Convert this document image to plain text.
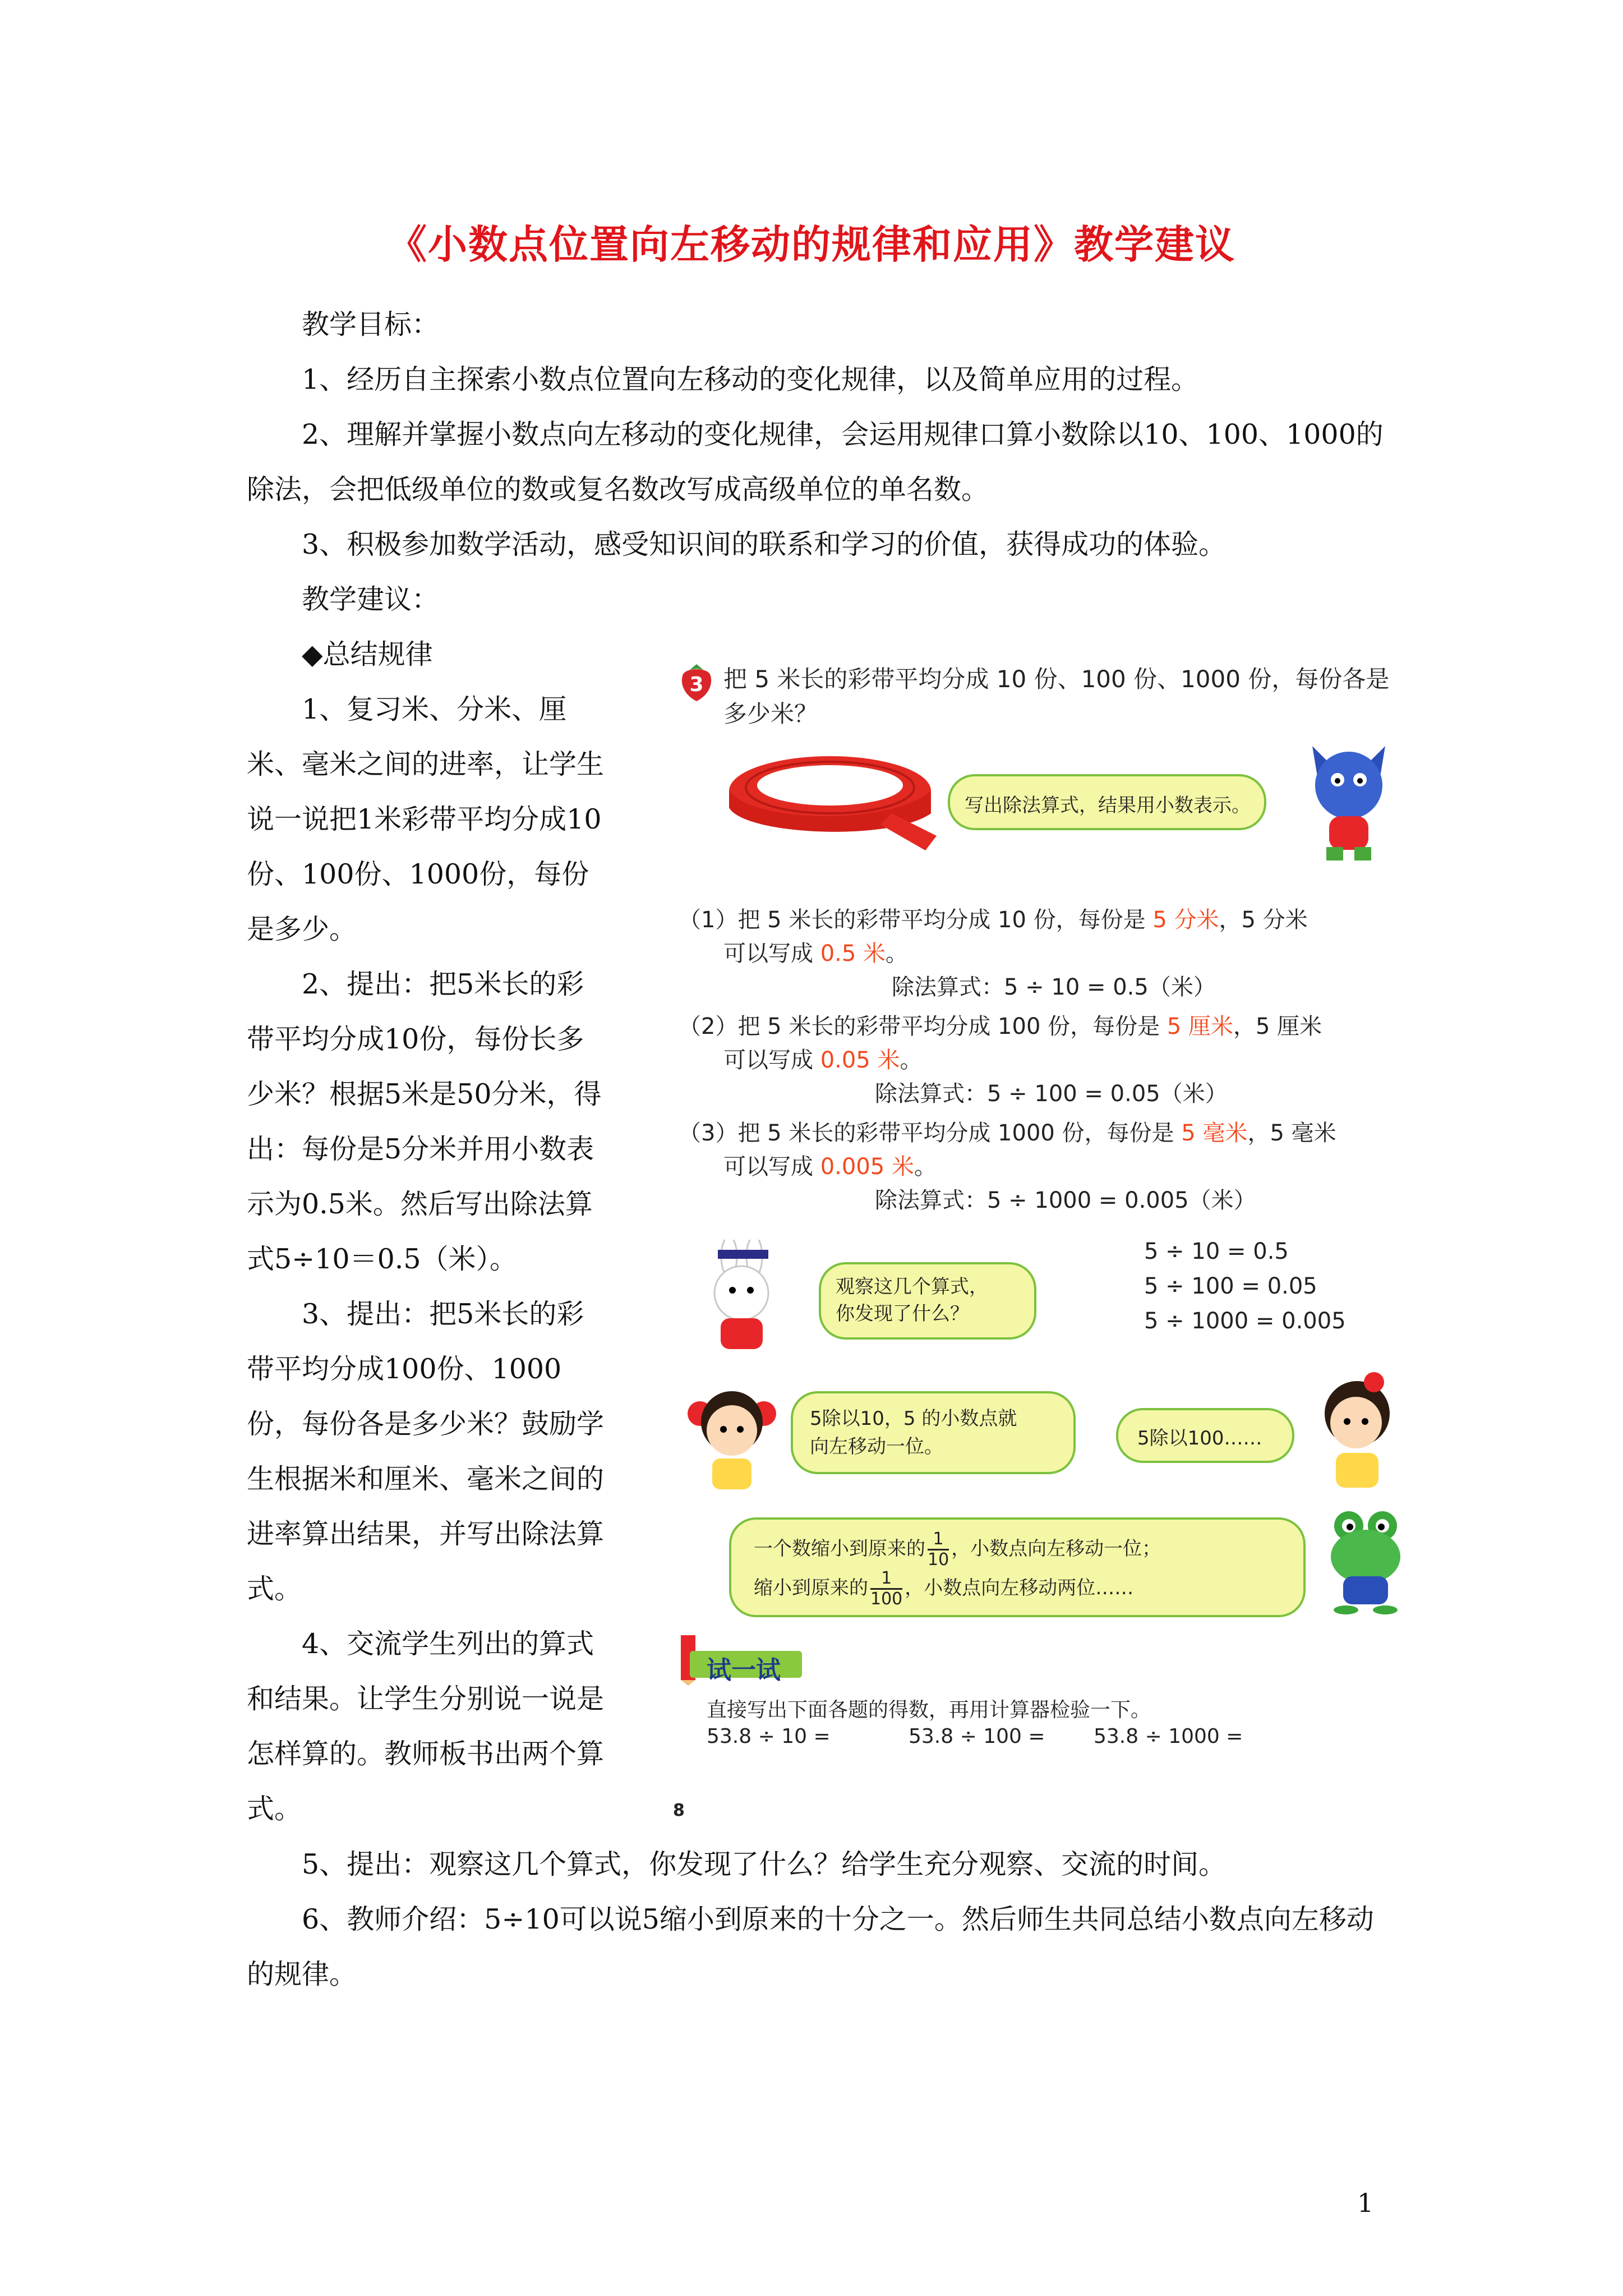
《小数点位置向左移动的规律和应用》教学建议
教学目标：
1、经历自主探索小数点位置向左移动的变化规律，以及简单应用的过程。
2、理解并掌握小数点向左移动的变化规律，会运用规律口算小数除以10、100、1000的除法，会把低级单位的数或复名数改写成高级单位的单名数。
3、积极参加数学活动，感受知识间的联系和学习的价值，获得成功的体验。
教学建议：
◆总结规律
1、复习米、分米、厘米、毫米之间的进率，让学生说一说把1米彩带平均分成10份、100份、1000份，每份是多少。
2、提出：把5米长的彩带平均分成10份，每份长多少米？根据5米是50分米，得出：每份是5分米并用小数表示为0.5米。然后写出除法算式5÷10＝0.5（米）。
3、提出：把5米长的彩带平均分成100份、1000份，每份各是多少米？鼓励学生根据米和厘米、毫米之间的进率算出结果，并写出除法算式。
4、交流学生列出的算式和结果。让学生分别说一说是怎样算的。教师板书出两个算式。
5、提出：观察这几个算式，你发现了什么？给学生充分观察、交流的时间。
6、教师介绍：5÷10可以说5缩小到原来的十分之一。然后师生共同总结小数点向左移动的规律。
3 把 5 米长的彩带平均分成 10 份、100 份、1000 份，每份各是多少米？
写出除法算式，结果用小数表示。
（1）把 5 米长的彩带平均分成 10 份，每份是 5 分米，5 分米
可以写成 0.5 米。
除法算式：5 ÷ 10 = 0.5（米）
（2）把 5 米长的彩带平均分成 100 份，每份是 5 厘米，5 厘米
可以写成 0.05 米。
除法算式：5 ÷ 100 = 0.05（米）
（3）把 5 米长的彩带平均分成 1000 份，每份是 5 毫米，5 毫米
可以写成 0.005 米。
除法算式：5 ÷ 1000 = 0.005（米）
观察这几个算式，
你发现了什么？
5 ÷ 10 = 0.5
5 ÷ 100 = 0.05
5 ÷ 1000 = 0.005
5除以10，5 的小数点就
向左移动一位。	5除以100……
一个数缩小到原来的 $\frac{1}{10}$ ，小数点向左移动一位；
缩小到原来的 $\frac{1}{100}$ ，小数点向左移动两位……
试一试
直接写出下面各题的得数，再用计算器检验一下。
53.8 ÷ 10 =	53.8 ÷ 100 = 53.8 ÷ 1000 =
8
1
